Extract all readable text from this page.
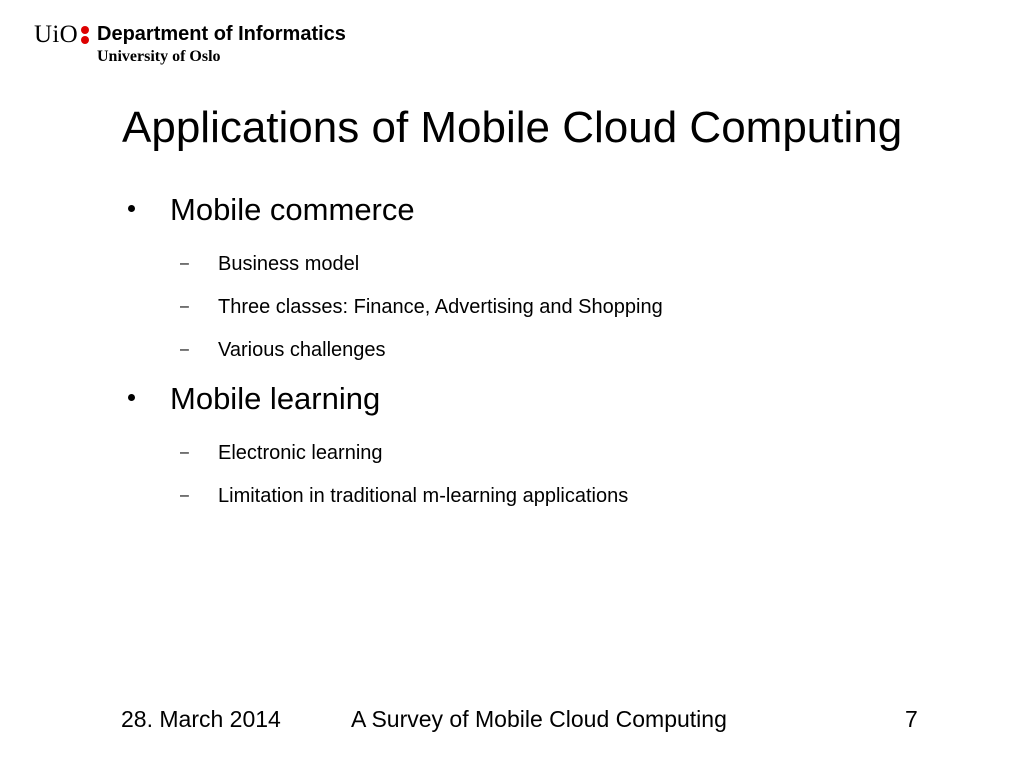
UiO Department of Informatics
University of Oslo
Applications of Mobile Cloud Computing
Mobile commerce
– Business model
– Three classes: Finance, Advertising and Shopping
– Various challenges
Mobile learning
– Electronic learning
– Limitation in traditional m-learning applications
28. March 2014	A Survey of Mobile Cloud Computing	7
